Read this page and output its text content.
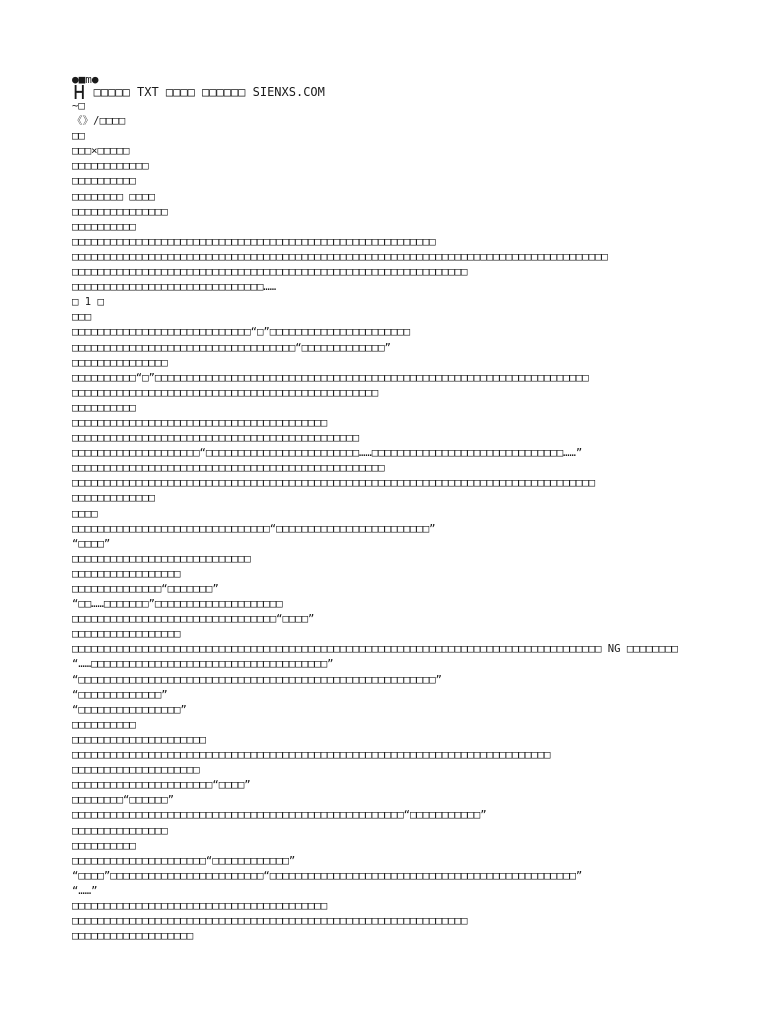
●■m●
┣┫ □□□□□ TXT □□□□ □□□□□□ SIENXS.COM
~□
《》/□□□□
□□
□□□×□□□□□
□□□□□□□□□□□□
□□□□□□□□□□
□□□□□□□□ □□□□
□□□□□□□□□□□□□□□
□□□□□□□□□□
□□□□□□□□□□□□□□□□□□□□□□□□□□□□□□□□□□□□□□□□□□□□□□□□□□□□□□□□□
□□□□□□□□□□□□□□□□□□□□□□□□□□□□□□□□□□□□□□□□□□□□□□□□□□□□□□□□□□□□□□□□□□□□□□□□□□□□□□□□□□□□
□□□□□□□□□□□□□□□□□□□□□□□□□□□□□□□□□□□□□□□□□□□□□□□□□□□□□□□□□□□□□□
□□□□□□□□□□□□□□□□□□□□□□□□□□□□□□……
□ 1 □
□□□
□□□□□□□□□□□□□□□□□□□□□□□□□□□□“□”□□□□□□□□□□□□□□□□□□□□□□
□□□□□□□□□□□□□□□□□□□□□□□□□□□□□□□□□□□“□□□□□□□□□□□□□”
□□□□□□□□□□□□□□□
□□□□□□□□□□“□”□□□□□□□□□□□□□□□□□□□□□□□□□□□□□□□□□□□□□□□□□□□□□□□□□□□□□□□□□□□□□□□□□□□□
□□□□□□□□□□□□□□□□□□□□□□□□□□□□□□□□□□□□□□□□□□□□□□□□
□□□□□□□□□□
□□□□□□□□□□□□□□□□□□□□□□□□□□□□□□□□□□□□□□□□
□□□□□□□□□□□□□□□□□□□□□□□□□□□□□□□□□□□□□□□□□□□□□
□□□□□□□□□□□□□□□□□□□□“□□□□□□□□□□□□□□□□□□□□□□□□……□□□□□□□□□□□□□□□□□□□□□□□□□□□□□□……”
□□□□□□□□□□□□□□□□□□□□□□□□□□□□□□□□□□□□□□□□□□□□□□□□□
□□□□□□□□□□□□□□□□□□□□□□□□□□□□□□□□□□□□□□□□□□□□□□□□□□□□□□□□□□□□□□□□□□□□□□□□□□□□□□□□□□
□□□□□□□□□□□□□
□□□□
□□□□□□□□□□□□□□□□□□□□□□□□□□□□□□□“□□□□□□□□□□□□□□□□□□□□□□□□”
“□□□□”
□□□□□□□□□□□□□□□□□□□□□□□□□□□□
□□□□□□□□□□□□□□□□□
□□□□□□□□□□□□□□“□□□□□□□”
“□□……□□□□□□□”□□□□□□□□□□□□□□□□□□□□
□□□□□□□□□□□□□□□□□□□□□□□□□□□□□□□□“□□□□”
□□□□□□□□□□□□□□□□□
□□□□□□□□□□□□□□□□□□□□□□□□□□□□□□□□□□□□□□□□□□□□□□□□□□□□□□□□□□□□□□□□□□□□□□□□□□□□□□□□□□□ NG □□□□□□□□
“……□□□□□□□□□□□□□□□□□□□□□□□□□□□□□□□□□□□□□”
“□□□□□□□□□□□□□□□□□□□□□□□□□□□□□□□□□□□□□□□□□□□□□□□□□□□□□□□□”
“□□□□□□□□□□□□□”
“□□□□□□□□□□□□□□□□”
□□□□□□□□□□
□□□□□□□□□□□□□□□□□□□□□
□□□□□□□□□□□□□□□□□□□□□□□□□□□□□□□□□□□□□□□□□□□□□□□□□□□□□□□□□□□□□□□□□□□□□□□□□□□
□□□□□□□□□□□□□□□□□□□□
□□□□□□□□□□□□□□□□□□□□□□“□□□□”
□□□□□□□□“□□□□□□”
□□□□□□□□□□□□□□□□□□□□□□□□□□□□□□□□□□□□□□□□□□□□□□□□□□□□“□□□□□□□□□□□”
□□□□□□□□□□□□□□□
□□□□□□□□□□
□□□□□□□□□□□□□□□□□□□□□“□□□□□□□□□□□□”
“□□□□”□□□□□□□□□□□□□□□□□□□□□□□□“□□□□□□□□□□□□□□□□□□□□□□□□□□□□□□□□□□□□□□□□□□□□□□□□”
“……”
□□□□□□□□□□□□□□□□□□□□□□□□□□□□□□□□□□□□□□□□
□□□□□□□□□□□□□□□□□□□□□□□□□□□□□□□□□□□□□□□□□□□□□□□□□□□□□□□□□□□□□□
□□□□□□□□□□□□□□□□□□□
